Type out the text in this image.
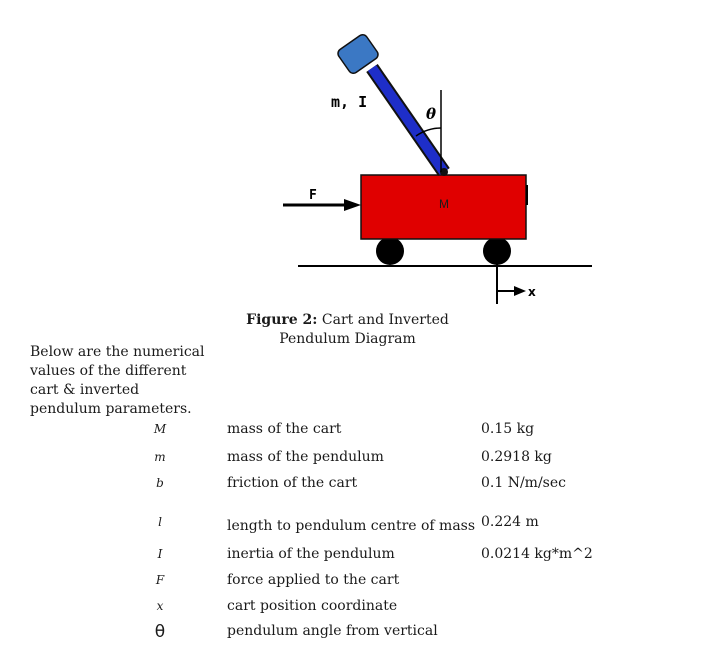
M
θ
m, I
F
x
Figure 2: Cart and Inverted Pendulum Diagram
Below are the numerical values of the different cart & inverted pendulum parameters.
M	mass of the cart	0.15 kg
m	mass of the pendulum	0.2918 kg
b	friction of the cart	0.1 N/m/sec
l	length to pendulum centre of mass 0.224 m
I	inertia of the pendulum	0.0214 kg*m^2
F	force applied to the cart
x	cart position coordinate
θ	pendulum angle from vertical
